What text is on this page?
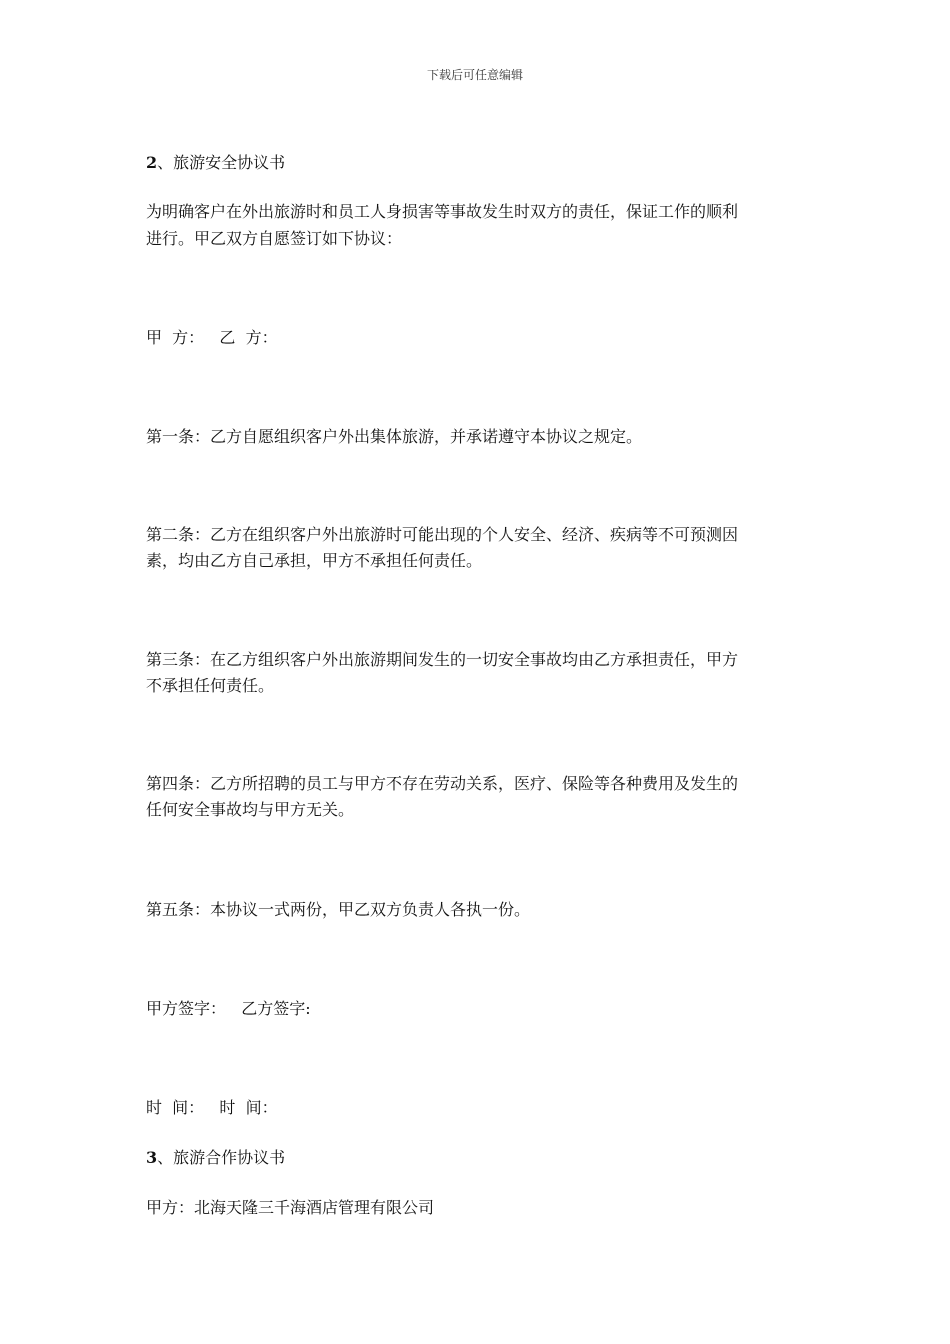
下载后可任意编辑
2、旅游安全协议书
为明确客户在外出旅游时和员工人身损害等事故发生时双方的责任，保证工作的顺利
进行。甲乙双方自愿签订如下协议：
甲  方：   乙  方：
第一条：乙方自愿组织客户外出集体旅游，并承诺遵守本协议之规定。
第二条：乙方在组织客户外出旅游时可能出现的个人安全、经济、疾病等不可预测因
素，均由乙方自己承担，甲方不承担任何责任。
第三条：在乙方组织客户外出旅游期间发生的一切安全事故均由乙方承担责任，甲方
不承担任何责任。
第四条：乙方所招聘的员工与甲方不存在劳动关系，医疗、保险等各种费用及发生的
任何安全事故均与甲方无关。
第五条：本协议一式两份，甲乙双方负责人各执一份。
甲方签字：   乙方签字:
时  间：   时  间：
3、旅游合作协议书
甲方：北海天隆三千海酒店管理有限公司
